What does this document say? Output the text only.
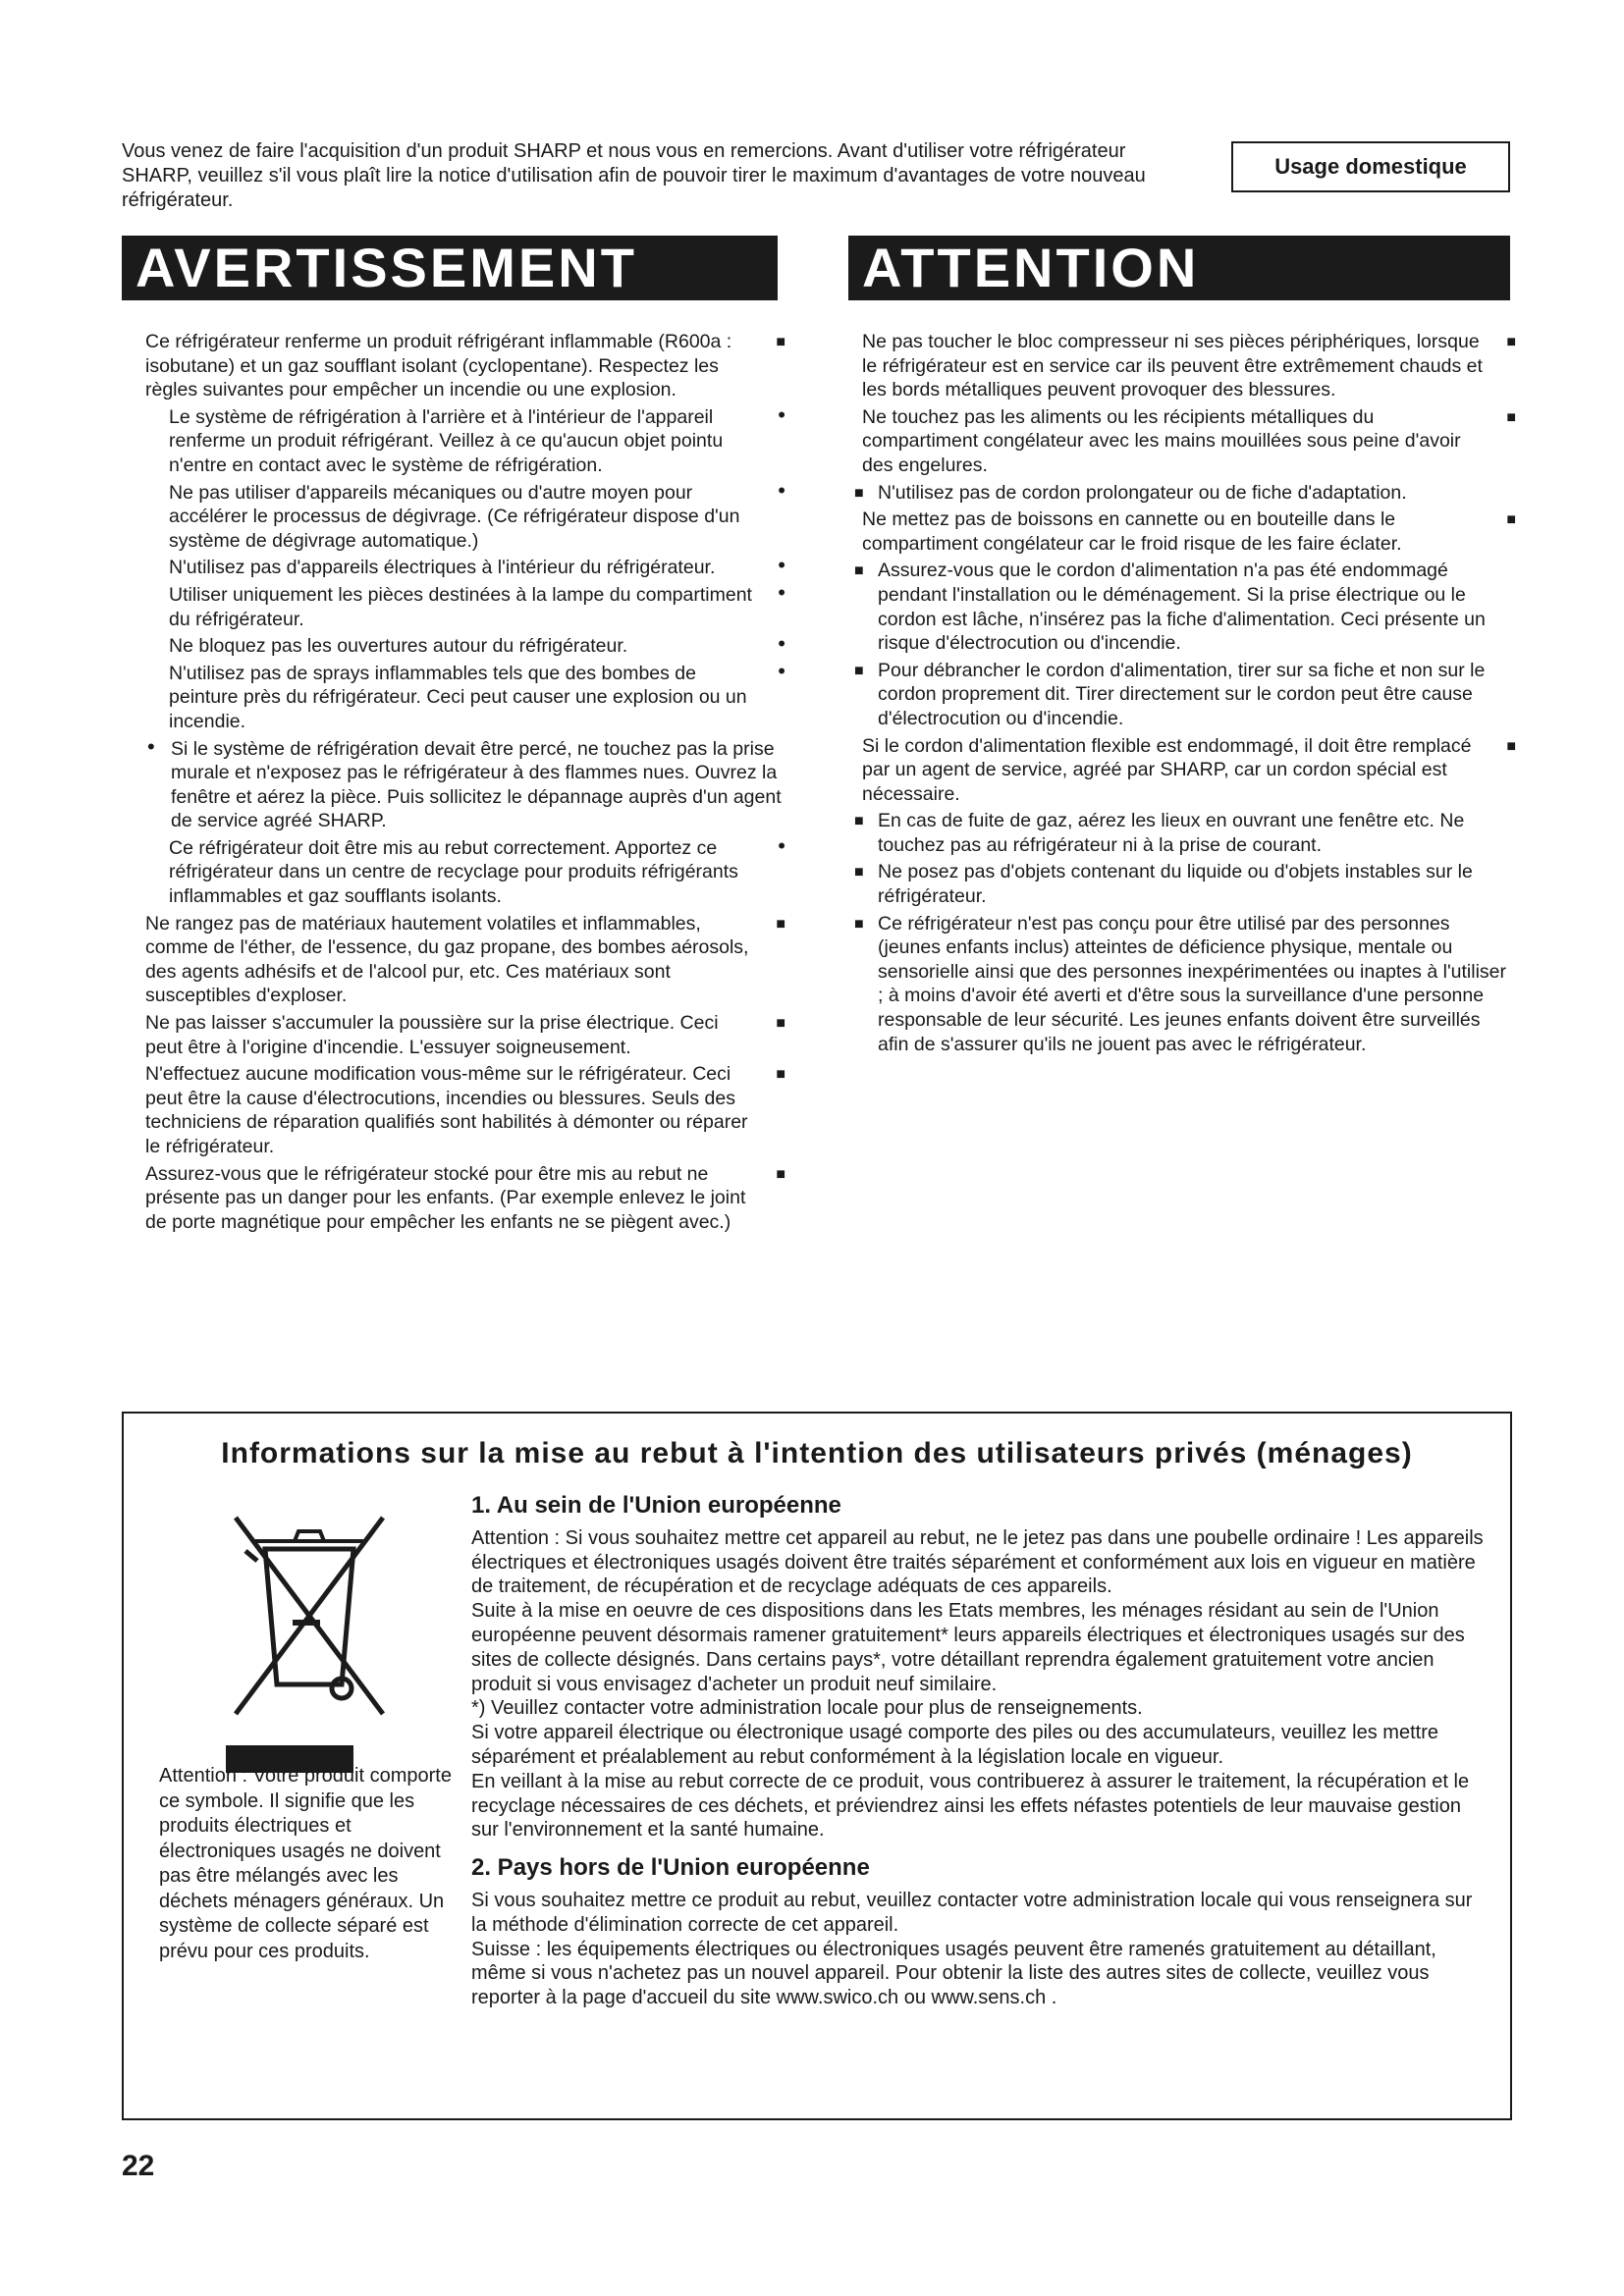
Vous venez de faire l'acquisition d'un produit SHARP et nous vous en remercions. Avant d'utiliser votre réfrigérateur SHARP, veuillez s'il vous plaît lire la notice d'utilisation afin de pouvoir tirer le maximum d'avantages de votre nouveau réfrigérateur.
Usage domestique
AVERTISSEMENT	ATTENTION
■
Ce réfrigérateur renferme un produit réfrigérant inflammable (R600a : isobutane) et un gaz soufflant isolant (cyclopentane). Respectez les règles suivantes pour empêcher un incendie ou une explosion.
•
Le système de réfrigération à l'arrière et à l'intérieur de l'appareil renferme un produit réfrigérant. Veillez à ce qu'aucun objet pointu n'entre en contact avec le système de réfrigération.
•
Ne pas utiliser d'appareils mécaniques ou d'autre moyen pour accélérer le processus de dégivrage. (Ce réfrigérateur dispose d'un système de dégivrage automatique.)
•
N'utilisez pas d'appareils électriques à l'intérieur du réfrigérateur.
•
Utiliser uniquement les pièces destinées à la lampe du compartiment du réfrigérateur.
•
Ne bloquez pas les ouvertures autour du réfrigérateur.
•
N'utilisez pas de sprays inflammables tels que des bombes de peinture près du réfrigérateur. Ceci peut causer une explosion ou un incendie.
• Si le système de réfrigération devait être percé, ne touchez pas la prise murale et n'exposez pas le réfrigérateur à des flammes nues. Ouvrez la fenêtre et aérez la pièce. Puis sollicitez le dépannage auprès d'un agent de service agréé SHARP.
•
Ce réfrigérateur doit être mis au rebut correctement. Apportez ce réfrigérateur dans un centre de recyclage pour produits réfrigérants inflammables et gaz soufflants isolants.
■
Ne rangez pas de matériaux hautement volatiles et inflammables, comme de l'éther, de l'essence, du gaz propane, des bombes aérosols, des agents adhésifs et de l'alcool pur, etc. Ces matériaux sont susceptibles d'exploser.
■
Ne pas laisser s'accumuler la poussière sur la prise électrique. Ceci peut être à l'origine d'incendie. L'essuyer soigneusement.
■
N'effectuez aucune modification vous-même sur le réfrigérateur. Ceci peut être la cause d'électrocutions, incendies ou blessures. Seuls des techniciens de réparation qualifiés sont habilités à démonter ou réparer le réfrigérateur.
■
Assurez-vous que le réfrigérateur stocké pour être mis au rebut ne présente pas un danger pour les enfants. (Par exemple enlevez le joint de porte magnétique pour empêcher les enfants ne se piègent avec.)
■
Ne pas toucher le bloc compresseur ni ses pièces périphériques, lorsque le réfrigérateur est en service car ils peuvent être extrêmement chauds et les bords métalliques peuvent provoquer des blessures.
■
Ne touchez pas les aliments ou les récipients métalliques du compartiment congélateur avec les mains mouillées sous peine d'avoir des engelures.
■ N'utilisez pas de cordon prolongateur ou de fiche d'adaptation.
■
Ne mettez pas de boissons en cannette ou en bouteille dans le compartiment congélateur car le froid risque de les faire éclater.
■ Assurez-vous que le cordon d'alimentation n'a pas été endommagé pendant l'installation ou le déménagement. Si la prise électrique ou le cordon est lâche, n'insérez pas la fiche d'alimentation. Ceci présente un risque d'électrocution ou d'incendie.
■ Pour débrancher le cordon d'alimentation, tirer sur sa fiche et non sur le cordon proprement dit. Tirer directement sur le cordon peut être cause d'électrocution ou d'incendie.
■
Si le cordon d'alimentation flexible est endommagé, il doit être remplacé par un agent de service, agréé par SHARP, car un cordon spécial est nécessaire.
■ En cas de fuite de gaz, aérez les lieux en ouvrant une fenêtre etc. Ne touchez pas au réfrigérateur ni à la prise de courant.
■ Ne posez pas d'objets contenant du liquide ou d'objets instables sur le réfrigérateur.
■ Ce réfrigérateur n'est pas conçu pour être utilisé par des personnes (jeunes enfants inclus) atteintes de déficience physique, mentale ou sensorielle ainsi que des personnes inexpérimentées ou inaptes à l'utiliser ; à moins d'avoir été averti et d'être sous la surveillance d'une personne responsable de leur sécurité. Les jeunes enfants doivent être surveillés afin de s'assurer qu'ils ne jouent pas avec le réfrigérateur.
Informations sur la mise au rebut à l'intention des utilisateurs privés (ménages)
Attention : Votre produit comporte ce symbole. Il signifie que les produits électriques et électroniques usagés ne doivent pas être mélangés avec les déchets ménagers généraux. Un système de collecte séparé est prévu pour ces produits.
1. Au sein de l'Union européenne

Attention : Si vous souhaitez mettre cet appareil au rebut, ne le jetez pas dans une poubelle ordinaire ! Les appareils électriques et électroniques usagés doivent être traités séparément et conformément aux lois en vigueur en matière de traitement, de récupération et de recyclage adéquats de ces appareils.

Suite à la mise en oeuvre de ces dispositions dans les Etats membres, les ménages résidant au sein de l'Union européenne peuvent désormais ramener gratuitement* leurs appareils électriques et électroniques usagés sur des sites de collecte désignés. Dans certains pays*, votre détaillant reprendra également gratuitement votre ancien produit si vous envisagez d'acheter un produit neuf similaire.

*) Veuillez contacter votre administration locale pour plus de renseignements.

Si votre appareil électrique ou électronique usagé comporte des piles ou des accumulateurs, veuillez les mettre séparément et préalablement au rebut conformément à la législation locale en vigueur.

En veillant à la mise au rebut correcte de ce produit, vous contribuerez à assurer le traitement, la récupération et le recyclage nécessaires de ces déchets, et préviendrez ainsi les effets néfastes potentiels de leur mauvaise gestion sur l'environnement et la santé humaine.

2. Pays hors de l'Union européenne

Si vous souhaitez mettre ce produit au rebut, veuillez contacter votre administration locale qui vous renseignera sur la méthode d'élimination correcte de cet appareil.

Suisse : les équipements électriques ou électroniques usagés peuvent être ramenés gratuitement au détaillant, même si vous n'achetez pas un nouvel appareil. Pour obtenir la liste des autres sites de collecte, veuillez vous reporter à la page d'accueil du site www.swico.ch ou www.sens.ch .

22
